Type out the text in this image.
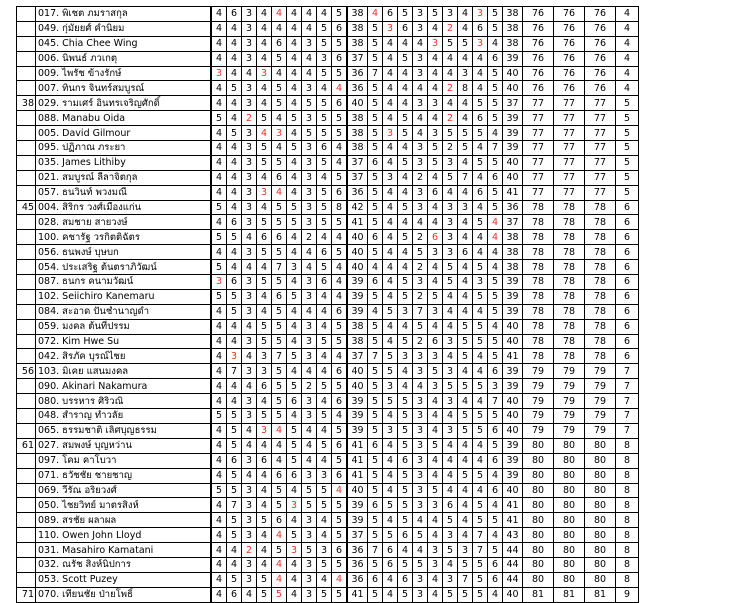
	017. พิเชต ภมราสกุล	4	6	3	4	4	4	4	4	5	38	4	6	5	3	5	3	4	3	5	38	76	76	76	4
	049. กุ่มัยยศ์ คำนิยม	4	4	3	4	4	4	4	5	6	38	5	3	6	3	4	2	4	6	5	38	76	76	76	4
	045. Chia Chee Wing	4	4	3	4	6	4	3	5	5	38	5	4	4	4	3	5	5	3	4	38	76	76	76	4
	006. นิพนธ์ ภวเกตุ	4	4	3	4	5	4	4	3	6	37	5	4	5	3	4	4	4	4	6	39	76	76	76	4
	009. ไพรัช ข้างรักษ์	3	4	4	3	4	4	4	5	5	36	7	4	4	3	4	4	3	4	5	40	76	76	76	4
	007. ทินกร จินทร์สมบูรณ์	4	5	3	4	5	4	3	4	4	36	5	4	4	4	4	2	8	4	5	40	76	76	76	4
38	029. รามเศร์ อินทรเจริญศักดิ์	4	4	3	4	5	4	5	5	6	40	5	4	4	3	3	4	4	5	5	37	77	77	77	5
	088. Manabu Oida	5	4	2	5	4	5	3	5	5	38	5	4	5	4	4	2	4	6	5	39	77	77	77	5
	005. David Gilmour	4	5	3	4	3	4	5	5	5	38	5	3	5	4	3	5	5	5	4	39	77	77	77	5
	095. ปฏิภาณ ภระยา	4	4	3	5	4	5	3	6	4	38	5	4	4	3	5	2	5	4	7	39	77	77	77	5
	035. James Lithiby	4	4	3	5	5	4	3	5	4	37	6	4	5	3	5	3	4	5	5	40	77	77	77	5
	021. สมบูรณ์ ลีลาจิตกุล	4	4	3	4	6	4	3	4	5	37	5	3	4	2	4	5	7	4	6	40	77	77	77	5
	057. ธนวินท์ พวงมณี	4	4	3	3	4	4	3	5	6	36	5	4	4	3	6	4	4	6	5	41	77	77	77	5
45	004. สิริกร วงศ์เมืองแก่น	5	4	3	4	5	5	3	5	8	42	5	4	5	3	4	3	3	4	5	36	78	78	78	6
	028. สมชาย สายวงษ์	4	6	3	5	5	5	3	5	5	41	5	4	4	4	4	3	4	5	4	37	78	78	78	6
	100. คชารัฐ วรกิตติฉัตร	5	5	4	6	6	4	2	4	4	40	6	4	5	2	6	3	4	4	4	38	78	78	78	6
	056. ธนพงษ์ บุษบก	4	4	3	5	5	4	4	6	5	40	5	4	4	5	3	3	6	4	4	38	78	78	78	6
	054. ประเสริฐ ต้นตราภิวัฒน์	5	4	4	4	7	3	4	5	4	40	4	4	4	2	4	5	4	5	4	38	78	78	78	6
	087. ธนกร คนามวัฒน์	3	6	3	5	5	4	3	6	4	39	6	4	5	3	4	5	4	3	5	39	78	78	78	6
	102. Seiichiro Kanemaru	5	5	3	4	6	5	3	4	4	39	5	4	5	2	5	4	4	5	5	39	78	78	78	6
	084. สะอาด ปันชำนาญดำ	4	5	3	4	5	4	4	4	6	39	4	5	3	7	3	4	4	4	5	39	78	78	78	6
	059. มงคล ต้นที่ปรรม	4	4	4	5	5	4	3	4	5	38	5	4	4	5	4	4	5	5	4	40	78	78	78	6
	072. Kim Hwe Su	4	4	3	5	5	4	3	5	5	38	5	4	5	2	6	3	5	5	5	40	78	78	78	6
	042. สิรภัค บุรณ์ไชย	4	3	4	3	7	5	3	4	4	37	7	5	3	3	3	4	5	4	5	41	78	78	78	6
56	103. มิเคย แสนมงคล	4	7	3	3	5	4	4	4	6	40	5	5	4	3	5	3	4	4	6	39	79	79	79	7
	090. Akinari Nakamura	4	4	4	6	5	5	2	5	5	40	5	3	4	4	3	5	5	5	3	39	79	79	79	7
	080. บรรหาร ศิริวณิ	4	4	3	4	5	6	3	4	6	39	5	5	5	3	4	3	4	4	7	40	79	79	79	7
	048. สำราญ ทำวลัย	5	5	3	5	5	4	3	5	4	39	5	4	5	3	4	4	5	5	5	40	79	79	79	7
	065. ธรรมชาติ เลิศบุญธรรม	4	5	4	3	4	5	4	4	5	39	5	3	5	3	4	3	5	5	6	40	79	79	79	7
61	027. สมพงษ์ บุญหว่าน	4	5	4	4	4	5	4	5	6	41	6	4	5	3	5	4	4	4	5	39	80	80	80	8
	097. โคม คาโบวา	4	6	3	6	4	5	4	4	5	41	5	4	6	3	4	4	4	4	6	39	80	80	80	8
	071. ธวัชชัย ชายชาญ	4	5	4	4	6	6	3	3	6	41	5	4	5	3	4	4	5	5	4	39	80	80	80	8
	069. วีรัณ อริยวงศ์	5	5	3	4	5	4	5	5	4	40	5	4	5	3	5	4	4	4	6	40	80	80	80	8
	050. ไชยวิทย์ มาตรสิงห์	4	7	3	4	5	3	5	5	5	39	6	5	5	3	3	6	4	5	4	41	80	80	80	8
	089. สรชัย ผลาผล	4	5	3	5	6	4	3	4	5	39	5	4	5	4	4	5	4	5	5	41	80	80	80	8
	110. Owen John Lloyd	4	5	3	4	4	5	3	4	5	37	5	5	6	5	4	3	4	7	4	43	80	80	80	8
	031. Masahiro Kamatani	4	4	2	4	5	3	5	3	6	36	7	6	4	4	3	5	3	7	5	44	80	80	80	8
	032. ณรัช สิงห์นิปการ	4	4	3	4	4	4	3	5	5	36	5	6	5	5	3	4	5	5	6	44	80	80	80	8
	053. Scott Puzey	4	5	3	5	4	4	3	4	4	36	6	4	6	3	4	3	7	5	6	44	80	80	80	8
71	070. เทียนชัย ป่ายโพธิ์	4	6	4	5	5	4	3	5	5	41	5	4	5	3	4	5	5	5	4	40	81	81	81	9
